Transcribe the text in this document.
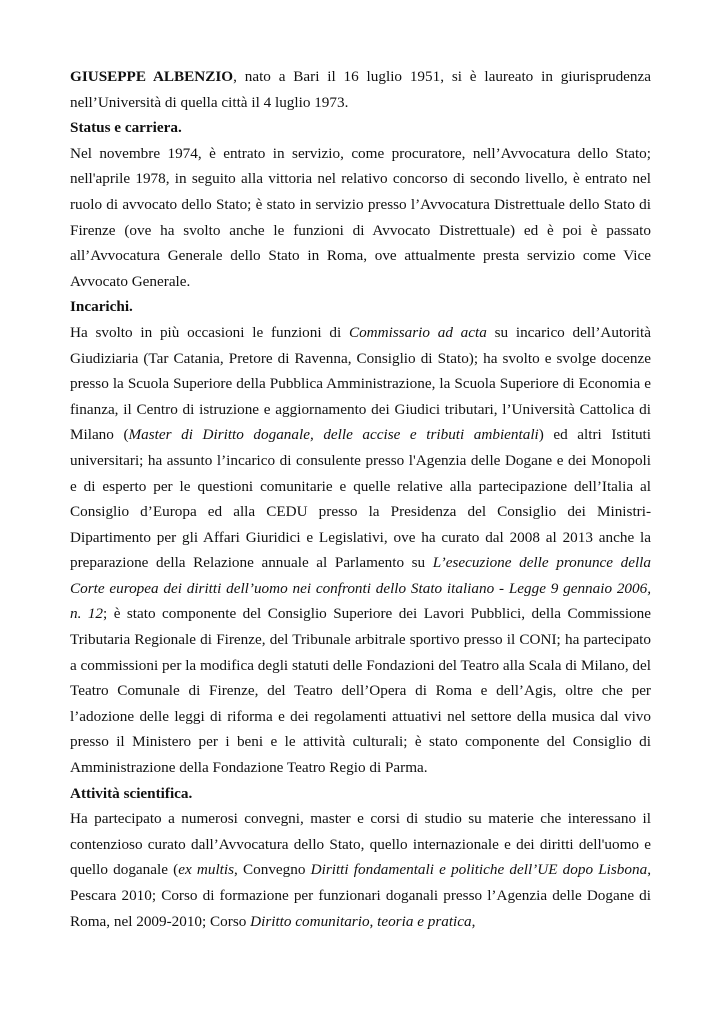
GIUSEPPE ALBENZIO, nato a Bari il 16 luglio 1951, si è laureato in giurisprudenza nell’Università di quella città il 4 luglio 1973.

Status e carriera.

Nel novembre 1974, è entrato in servizio, come procuratore, nell’Avvocatura dello Stato; nell'aprile 1978, in seguito alla vittoria nel relativo concorso di secondo livello, è entrato nel ruolo di avvocato dello Stato; è stato in servizio presso l’Avvocatura Distrettuale dello Stato di Firenze (ove ha svolto anche le funzioni di Avvocato Distrettuale) ed è poi è passato all’Avvocatura Generale dello Stato in Roma, ove attualmente presta servizio come Vice Avvocato Generale.

Incarichi.

Ha svolto in più occasioni le funzioni di Commissario ad acta su incarico dell’Autorità Giudiziaria (Tar Catania, Pretore di Ravenna, Consiglio di Stato); ha svolto e svolge docenze presso la Scuola Superiore della Pubblica Amministrazione, la Scuola Superiore di Economia e finanza, il Centro di istruzione e aggiornamento dei Giudici tributari, l’Università Cattolica di Milano (Master di Diritto doganale, delle accise e tributi ambientali) ed altri Istituti universitari; ha assunto l’incarico di consulente presso l'Agenzia delle Dogane e dei Monopoli e di esperto per le questioni comunitarie e quelle relative alla partecipazione dell’Italia al Consiglio d’Europa ed alla CEDU presso la Presidenza del Consiglio dei Ministri-Dipartimento per gli Affari Giuridici e Legislativi, ove ha curato dal 2008 al 2013 anche la preparazione della Relazione annuale al Parlamento su L’esecuzione delle pronunce della Corte europea dei diritti dell’uomo nei confronti dello Stato italiano - Legge 9 gennaio 2006, n. 12; è stato componente del Consiglio Superiore dei Lavori Pubblici, della Commissione Tributaria Regionale di Firenze, del Tribunale arbitrale sportivo presso il CONI; ha partecipato a commissioni per la modifica degli statuti delle Fondazioni del Teatro alla Scala di Milano, del Teatro Comunale di Firenze, del Teatro dell’Opera di Roma e dell’Agis, oltre che per l’adozione delle leggi di riforma e dei regolamenti attuativi nel settore della musica dal vivo presso il Ministero per i beni e le attività culturali; è stato componente del Consiglio di Amministrazione della Fondazione Teatro Regio di Parma.

Attività scientifica.

Ha partecipato a numerosi convegni, master e corsi di studio su materie che interessano il contenzioso curato dall’Avvocatura dello Stato, quello internazionale e dei diritti dell'uomo e quello doganale (ex multis, Convegno Diritti fondamentali e politiche dell’UE dopo Lisbona, Pescara 2010; Corso di formazione per funzionari doganali presso l’Agenzia delle Dogane di Roma, nel 2009-2010; Corso Diritto comunitario, teoria e pratica,
